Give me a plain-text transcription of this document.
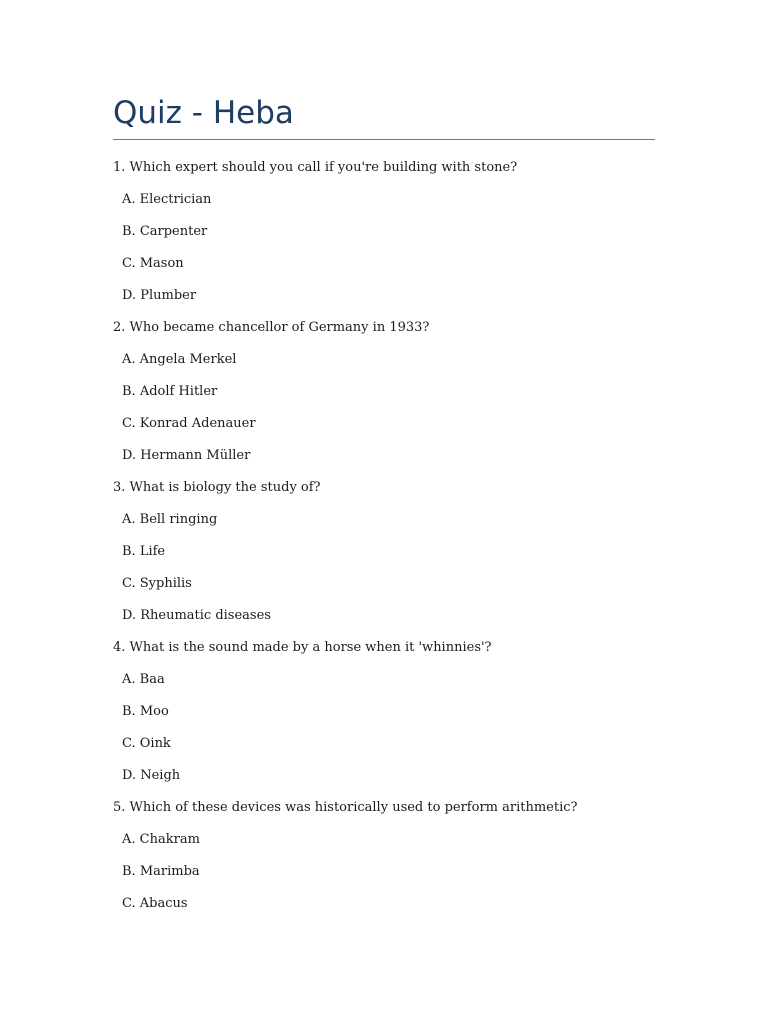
Quiz - Heba
1. Which expert should you call if you're building with stone?
A. Electrician
B. Carpenter
C. Mason
D. Plumber
2. Who became chancellor of Germany in 1933?
A. Angela Merkel
B. Adolf Hitler
C. Konrad Adenauer
D. Hermann Müller
3. What is biology the study of?
A. Bell ringing
B. Life
C. Syphilis
D. Rheumatic diseases
4. What is the sound made by a horse when it 'whinnies'?
A. Baa
B. Moo
C. Oink
D. Neigh
5. Which of these devices was historically used to perform arithmetic?
A. Chakram
B. Marimba
C. Abacus
